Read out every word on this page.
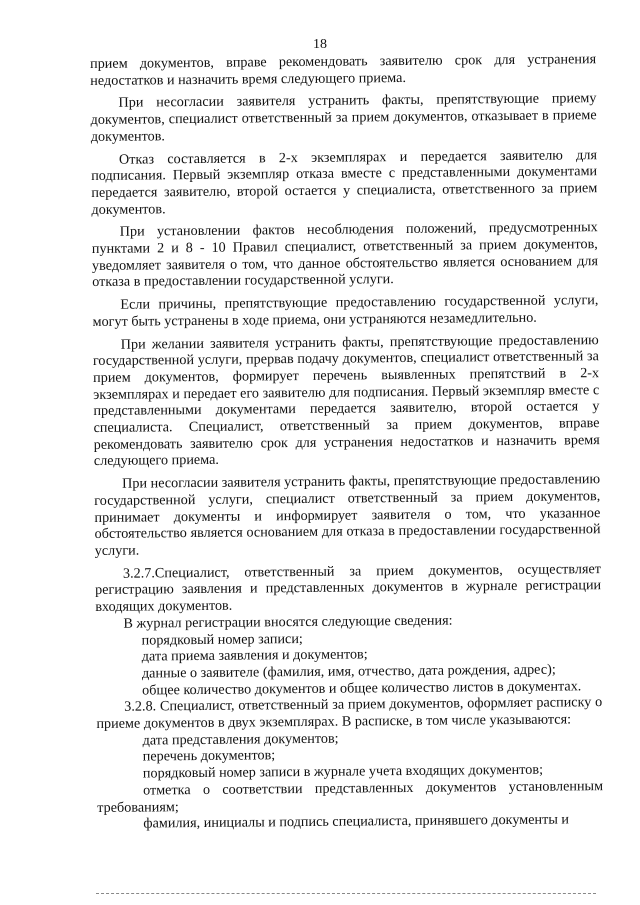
18

прием документов, вправе рекомендовать заявителю срок для устранения недостатков и назначить время следующего приема.

При несогласии заявителя устранить факты, препятствующие приему документов, специалист ответственный за прием документов, отказывает в приеме документов.

Отказ составляется в 2-х экземплярах и передается заявителю для подписания. Первый экземпляр отказа вместе с представленными документами передается заявителю, второй остается у специалиста, ответственного за прием документов.

При установлении фактов несоблюдения положений, предусмотренных пунктами 2 и 8 - 10 Правил специалист, ответственный за прием документов, уведомляет заявителя о том, что данное обстоятельство является основанием для отказа в предоставлении государственной услуги.

Если причины, препятствующие предоставлению государственной услуги, могут быть устранены в ходе приема, они устраняются незамедлительно.

При желании заявителя устранить факты, препятствующие предоставлению государственной услуги, прервав подачу документов, специалист ответственный за прием документов, формирует перечень выявленных препятствий в 2-х экземплярах и передает его заявителю для подписания. Первый экземпляр вместе с представленными документами передается заявителю, второй остается у специалиста. Специалист, ответственный за прием документов, вправе рекомендовать заявителю срок для устранения недостатков и назначить время следующего приема.

При несогласии заявителя устранить факты, препятствующие предоставлению государственной услуги, специалист ответственный за прием документов, принимает документы и информирует заявителя о том, что указанное обстоятельство является основанием для отказа в предоставлении государственной услуги.

3.2.7.Специалист, ответственный за прием документов, осуществляет регистрацию заявления и представленных документов в журнале регистрации входящих документов.

В журнал регистрации вносятся следующие сведения:

порядковый номер записи;

дата приема заявления и документов;

данные о заявителе (фамилия, имя, отчество, дата рождения, адрес);

общее количество документов и общее количество листов в документах.

3.2.8. Специалист, ответственный за прием документов, оформляет расписку о приеме документов в двух экземплярах. В расписке, в том числе указываются:

дата представления документов;

перечень документов;

порядковый номер записи в журнале учета входящих документов;

отметка о соответствии представленных документов установленным требованиям;

фамилия, инициалы и подпись специалиста, принявшего документы и
